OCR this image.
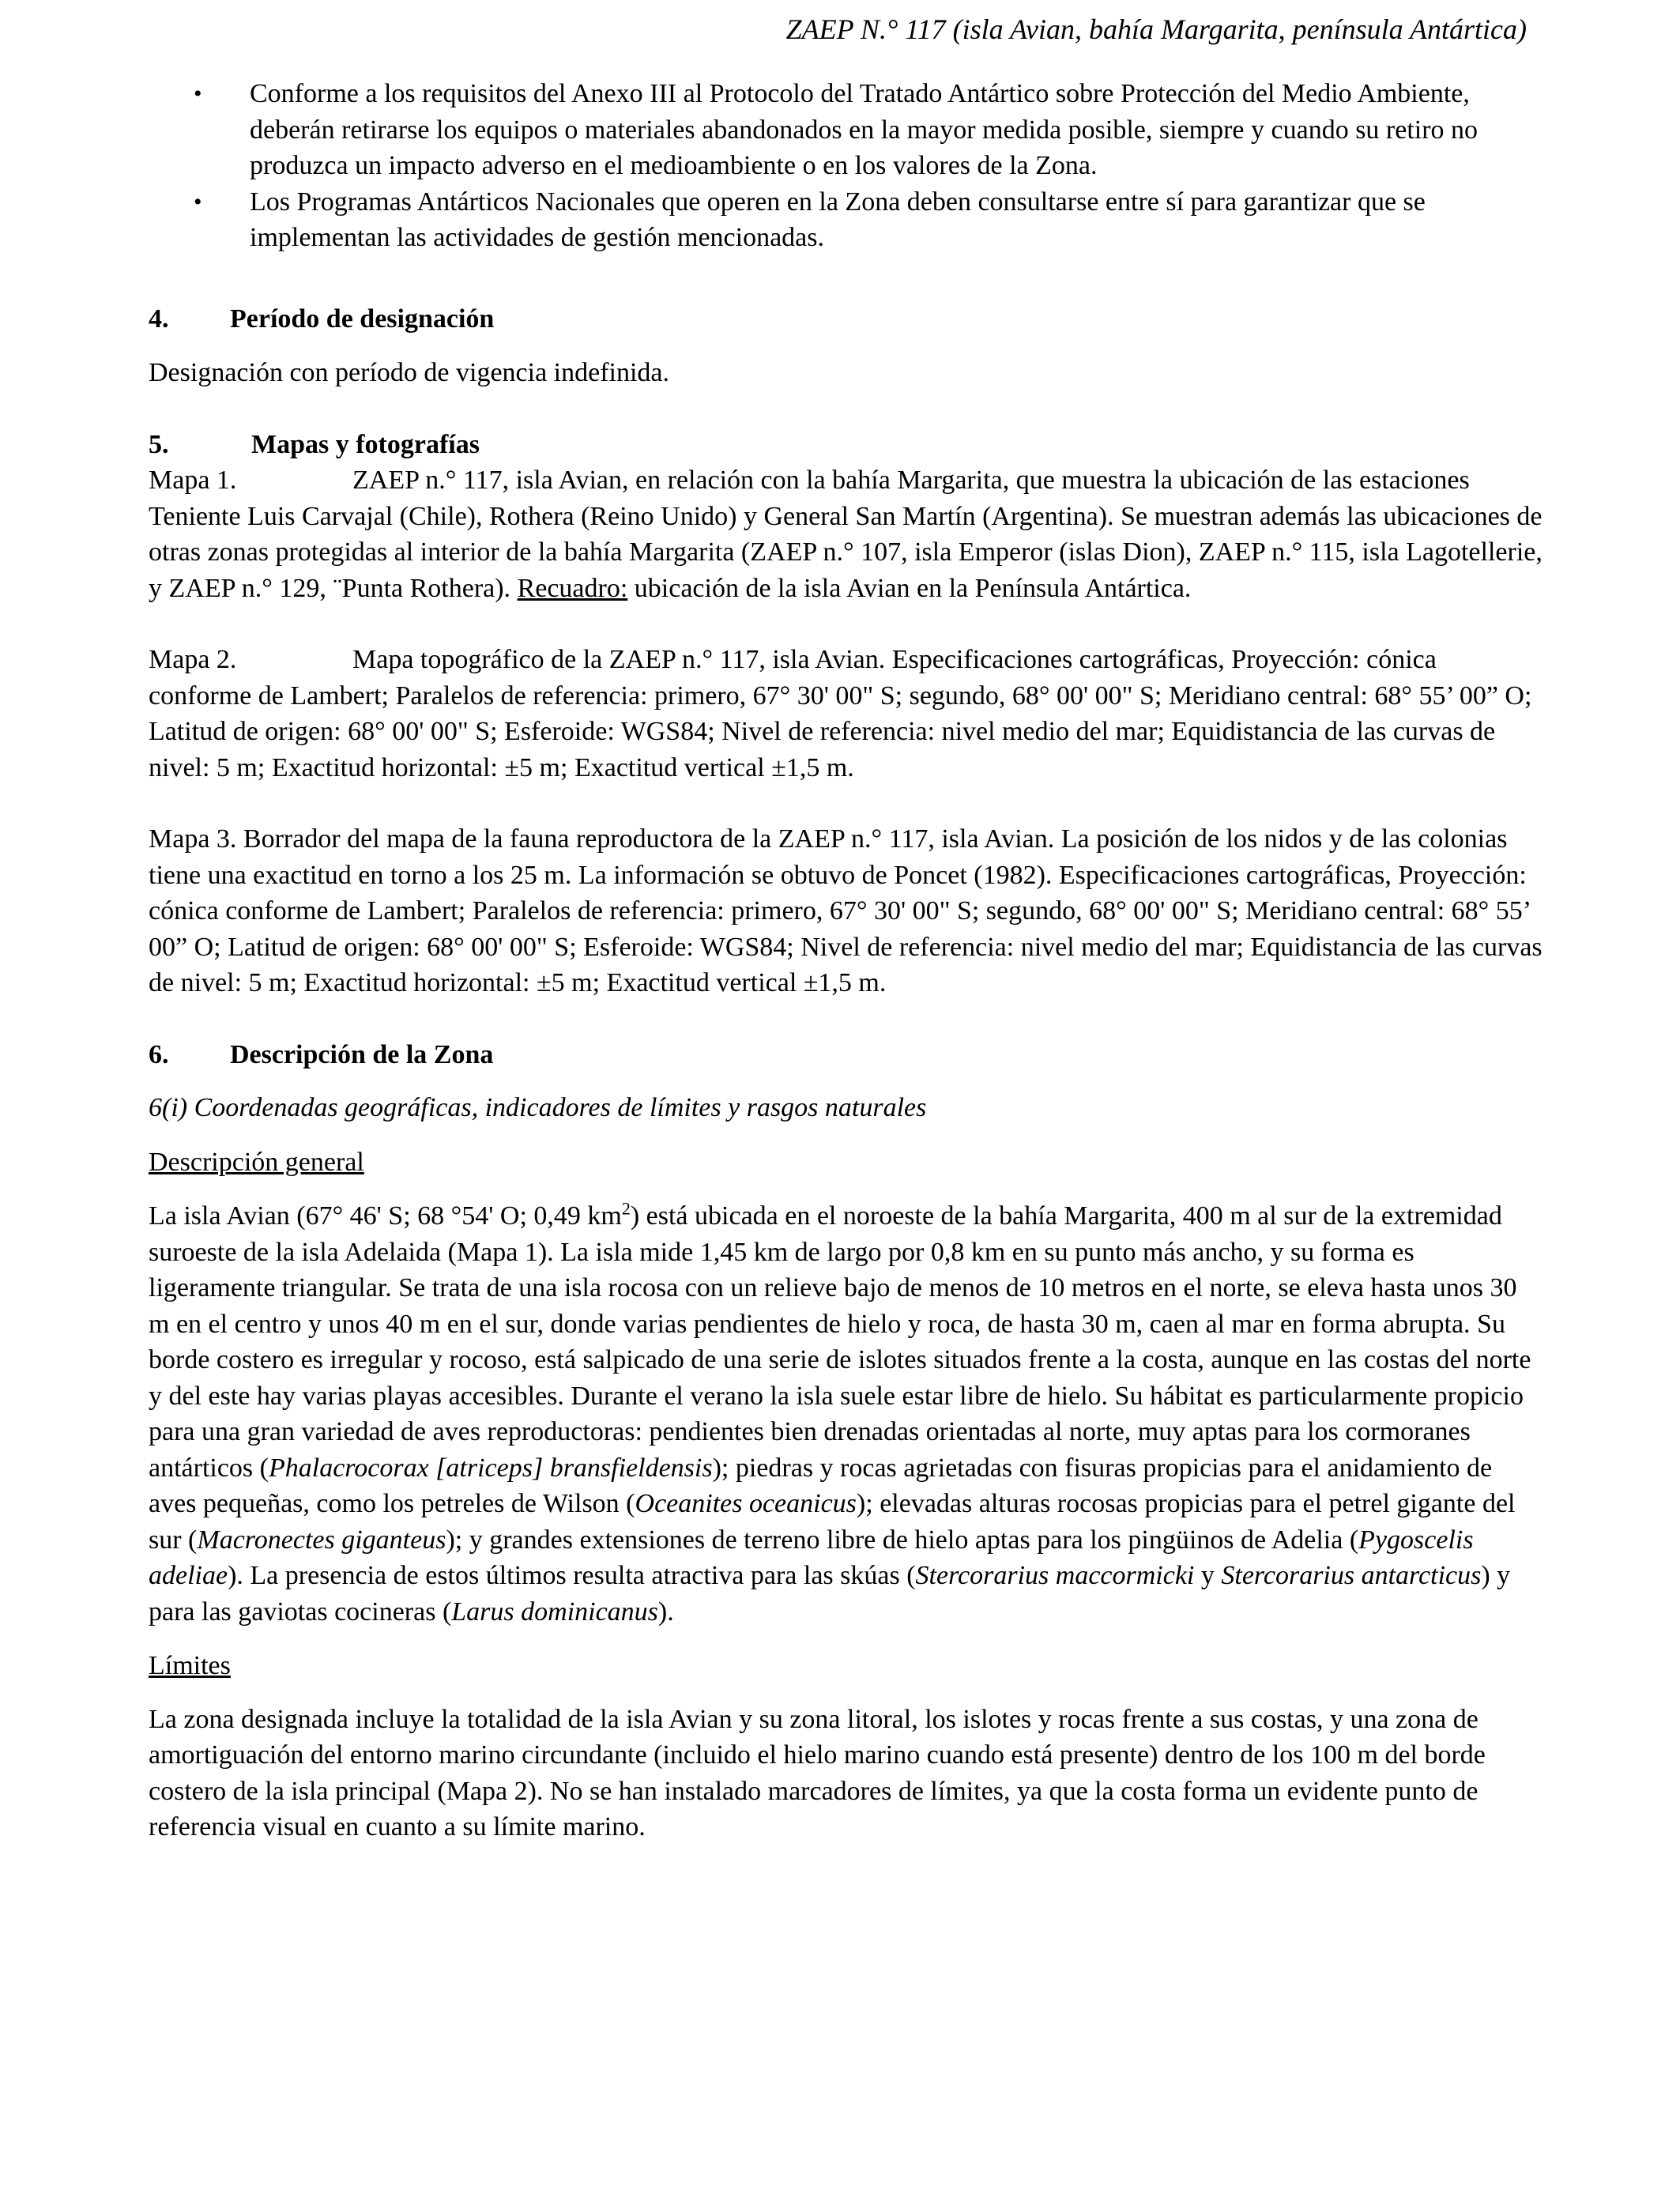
ZAEP N.° 117 (isla Avian, bahía Margarita, península Antártica)
• Conforme a los requisitos del Anexo III al Protocolo del Tratado Antártico sobre Protección del Medio Ambiente, deberán retirarse los equipos o materiales abandonados en la mayor medida posible, siempre y cuando su retiro no produzca un impacto adverso en el medioambiente o en los valores de la Zona.
• Los Programas Antárticos Nacionales que operen en la Zona deben consultarse entre sí para garantizar que se implementan las actividades de gestión mencionadas.

4. Período de designación

Designación con período de vigencia indefinida.

5.	Mapas y fotografías

Mapa 1.	ZAEP n.° 117, isla Avian, en relación con la bahía Margarita, que muestra la ubicación de las estaciones Teniente Luis Carvajal (Chile), Rothera (Reino Unido) y General San Martín (Argentina). Se muestran además las ubicaciones de otras zonas protegidas al interior de la bahía Margarita (ZAEP n.° 107, isla Emperor (islas Dion), ZAEP n.° 115, isla Lagotellerie, y ZAEP n.° 129, ¨Punta Rothera). Recuadro: ubicación de la isla Avian en la Península Antártica.

Mapa 2.	Mapa topográfico de la ZAEP n.° 117, isla Avian. Especificaciones cartográficas, Proyección: cónica conforme de Lambert; Paralelos de referencia: primero, 67° 30' 00" S; segundo, 68° 00' 00" S; Meridiano central: 68° 55’ 00” O; Latitud de origen: 68° 00' 00" S; Esferoide: WGS84; Nivel de referencia: nivel medio del mar; Equidistancia de las curvas de nivel: 5 m; Exactitud horizontal: ±5 m; Exactitud vertical ±1,5 m.

Mapa 3. Borrador del mapa de la fauna reproductora de la ZAEP n.° 117, isla Avian. La posición de los nidos y de las colonias tiene una exactitud en torno a los 25 m. La información se obtuvo de Poncet (1982). Especificaciones cartográficas, Proyección: cónica conforme de Lambert; Paralelos de referencia: primero, 67° 30' 00" S; segundo, 68° 00' 00" S; Meridiano central: 68° 55’ 00” O; Latitud de origen: 68° 00' 00" S; Esferoide: WGS84; Nivel de referencia: nivel medio del mar; Equidistancia de las curvas de nivel: 5 m; Exactitud horizontal: ±5 m; Exactitud vertical ±1,5 m.

6. Descripción de la Zona

6(i) Coordenadas geográficas, indicadores de límites y rasgos naturales

Descripción general

La isla Avian (67° 46' S; 68 °54' O; 0,49 $km^2$) está ubicada en el noroeste de la bahía Margarita, 400 m al sur de la extremidad suroeste de la isla Adelaida (Mapa 1). La isla mide 1,45 km de largo por 0,8 km en su punto más ancho, y su forma es ligeramente triangular. Se trata de una isla rocosa con un relieve bajo de menos de 10 metros en el norte, se eleva hasta unos 30 m en el centro y unos 40 m en el sur, donde varias pendientes de hielo y roca, de hasta 30 m, caen al mar en forma abrupta. Su borde costero es irregular y rocoso, está salpicado de una serie de islotes situados frente a la costa, aunque en las costas del norte y del este hay varias playas accesibles. Durante el verano la isla suele estar libre de hielo. Su hábitat es particularmente propicio para una gran variedad de aves reproductoras: pendientes bien drenadas orientadas al norte, muy aptas para los cormoranes antárticos (Phalacrocorax [atriceps] bransfieldensis); piedras y rocas agrietadas con fisuras propicias para el anidamiento de aves pequeñas, como los petreles de Wilson (Oceanites oceanicus); elevadas alturas rocosas propicias para el petrel gigante del sur (Macronectes giganteus); y grandes extensiones de terreno libre de hielo aptas para los pingüinos de Adelia (Pygoscelis adeliae). La presencia de estos últimos resulta atractiva para las skúas (Stercorarius maccormicki y Stercorarius antarcticus) y para las gaviotas cocineras (Larus dominicanus).

Límites

La zona designada incluye la totalidad de la isla Avian y su zona litoral, los islotes y rocas frente a sus costas, y una zona de amortiguación del entorno marino circundante (incluido el hielo marino cuando está presente) dentro de los 100 m del borde costero de la isla principal (Mapa 2). No se han instalado marcadores de límites, ya que la costa forma un evidente punto de referencia visual en cuanto a su límite marino.
